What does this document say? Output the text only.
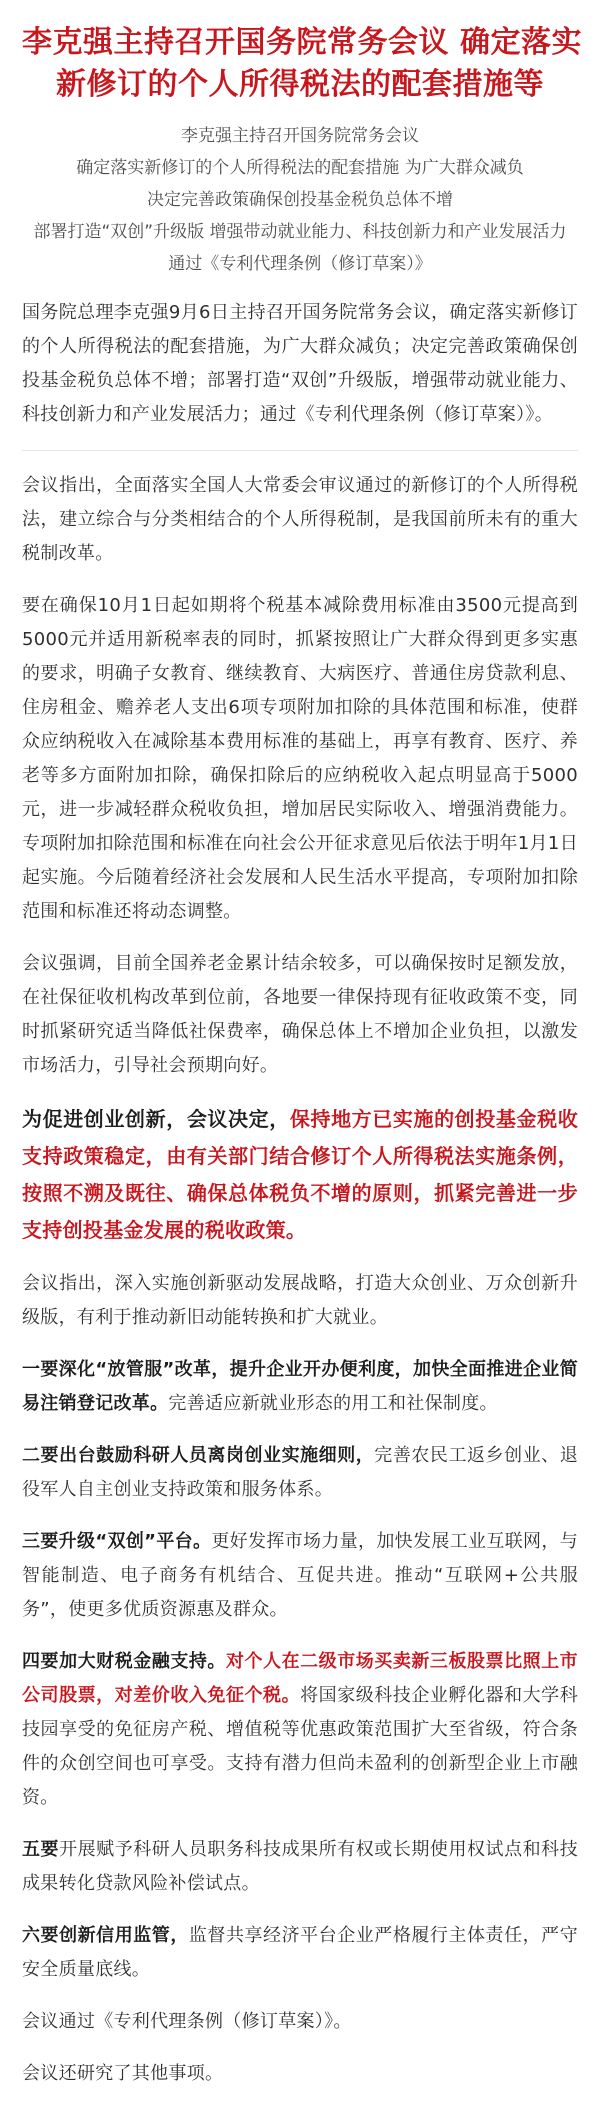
李克强主持召开国务院常务会议 确定落实
新修订的个人所得税法的配套措施等
李克强主持召开国务院常务会议
确定落实新修订的个人所得税法的配套措施 为广大群众减负
决定完善政策确保创投基金税负总体不增
部署打造“双创”升级版 增强带动就业能力、科技创新力和产业发展活力
通过《专利代理条例（修订草案）》

国务院总理李克强9月6日主持召开国务院常务会议，确定落实新修订的个人所得税法的配套措施，为广大群众减负；决定完善政策确保创投基金税负总体不增；部署打造“双创”升级版，增强带动就业能力、科技创新力和产业发展活力；通过《专利代理条例（修订草案）》。

会议指出，全面落实全国人大常委会审议通过的新修订的个人所得税法，建立综合与分类相结合的个人所得税制，是我国前所未有的重大税制改革。

要在确保10月1日起如期将个税基本减除费用标准由3500元提高到5000元并适用新税率表的同时，抓紧按照让广大群众得到更多实惠的要求，明确子女教育、继续教育、大病医疗、普通住房贷款利息、住房租金、赡养老人支出6项专项附加扣除的具体范围和标准，使群众应纳税收入在减除基本费用标准的基础上，再享有教育、医疗、养老等多方面附加扣除，确保扣除后的应纳税收入起点明显高于5000元，进一步减轻群众税收负担，增加居民实际收入、增强消费能力。专项附加扣除范围和标准在向社会公开征求意见后依法于明年1月1日起实施。今后随着经济社会发展和人民生活水平提高，专项附加扣除范围和标准还将动态调整。

会议强调，目前全国养老金累计结余较多，可以确保按时足额发放，在社保征收机构改革到位前，各地要一律保持现有征收政策不变，同时抓紧研究适当降低社保费率，确保总体上不增加企业负担，以激发市场活力，引导社会预期向好。

为促进创业创新，会议决定，保持地方已实施的创投基金税收支持政策稳定，由有关部门结合修订个人所得税法实施条例，按照不溯及既往、确保总体税负不增的原则，抓紧完善进一步支持创投基金发展的税收政策。

会议指出，深入实施创新驱动发展战略，打造大众创业、万众创新升级版，有利于推动新旧动能转换和扩大就业。

一要深化“放管服”改革，提升企业开办便利度，加快全面推进企业简易注销登记改革。完善适应新就业形态的用工和社保制度。

二要出台鼓励科研人员离岗创业实施细则，完善农民工返乡创业、退役军人自主创业支持政策和服务体系。

三要升级“双创”平台。更好发挥市场力量，加快发展工业互联网，与智能制造、电子商务有机结合、互促共进。推动“互联网+公共服务”，使更多优质资源惠及群众。

四要加大财税金融支持。对个人在二级市场买卖新三板股票比照上市公司股票，对差价收入免征个税。将国家级科技企业孵化器和大学科技园享受的免征房产税、增值税等优惠政策范围扩大至省级，符合条件的众创空间也可享受。支持有潜力但尚未盈利的创新型企业上市融资。

五要开展赋予科研人员职务科技成果所有权或长期使用权试点和科技成果转化贷款风险补偿试点。

六要创新信用监管，监督共享经济平台企业严格履行主体责任，严守安全质量底线。

会议通过《专利代理条例（修订草案）》。

会议还研究了其他事项。
